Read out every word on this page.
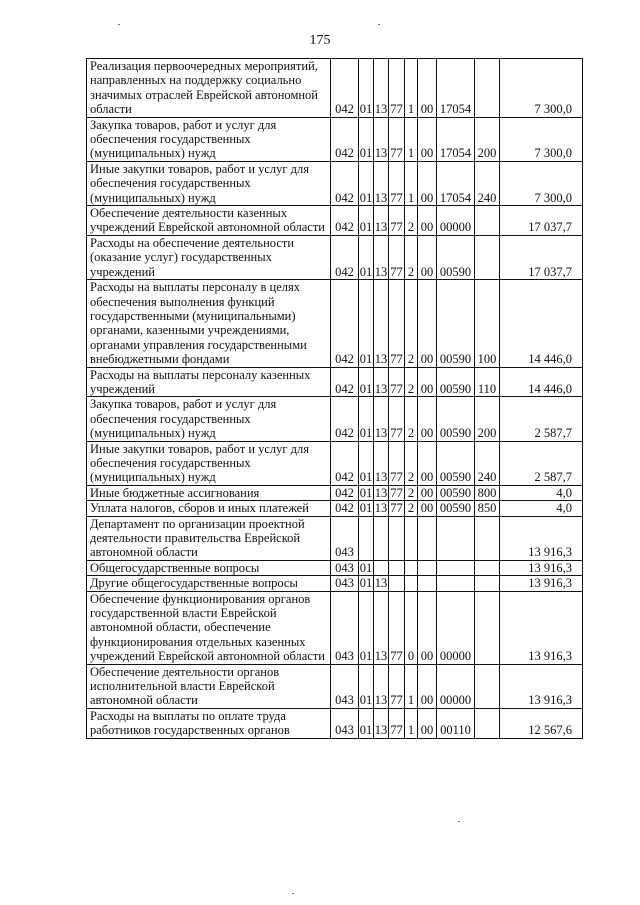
175
Реализация первоочередных мероприятий, направленных на поддержку социально значимых отраслей Еврейской автономной области	042	01	13	77	1	00	17054		7 300,0
Закупка товаров, работ и услуг для обеспечения государственных (муниципальных) нужд	042	01	13	77	1	00	17054	200	7 300,0
Иные закупки товаров, работ и услуг для обеспечения государственных (муниципальных) нужд	042	01	13	77	1	00	17054	240	7 300,0
Обеспечение деятельности казенных учреждений Еврейской автономной области	042	01	13	77	2	00	00000		17 037,7
Расходы на обеспечение деятельности (оказание услуг) государственных учреждений	042	01	13	77	2	00	00590		17 037,7
Расходы на выплаты персоналу в целях обеспечения выполнения функций государственными (муниципальными) органами, казенными учреждениями, органами управления государственными внебюджетными фондами	042	01	13	77	2	00	00590	100	14 446,0
Расходы на выплаты персоналу казенных учреждений	042	01	13	77	2	00	00590	110	14 446,0
Закупка товаров, работ и услуг для обеспечения государственных (муниципальных) нужд	042	01	13	77	2	00	00590	200	2 587,7
Иные закупки товаров, работ и услуг для обеспечения государственных (муниципальных) нужд	042	01	13	77	2	00	00590	240	2 587,7
Иные бюджетные ассигнования	042	01	13	77	2	00	00590	800	4,0
Уплата налогов, сборов и иных платежей	042	01	13	77	2	00	00590	850	4,0
Департамент по организации проектной деятельности правительства Еврейской автономной области	043								13 916,3
Общегосударственные вопросы	043	01							13 916,3
Другие общегосударственные вопросы	043	01	13						13 916,3
Обеспечение функционирования органов государственной власти Еврейской автономной области, обеспечение функционирования отдельных казенных учреждений Еврейской автономной области	043	01	13	77	0	00	00000		13 916,3
Обеспечение деятельности органов исполнительной власти Еврейской автономной области	043	01	13	77	1	00	00000		13 916,3
Расходы на выплаты по оплате труда работников государственных органов	043	01	13	77	1	00	00110		12 567,6
